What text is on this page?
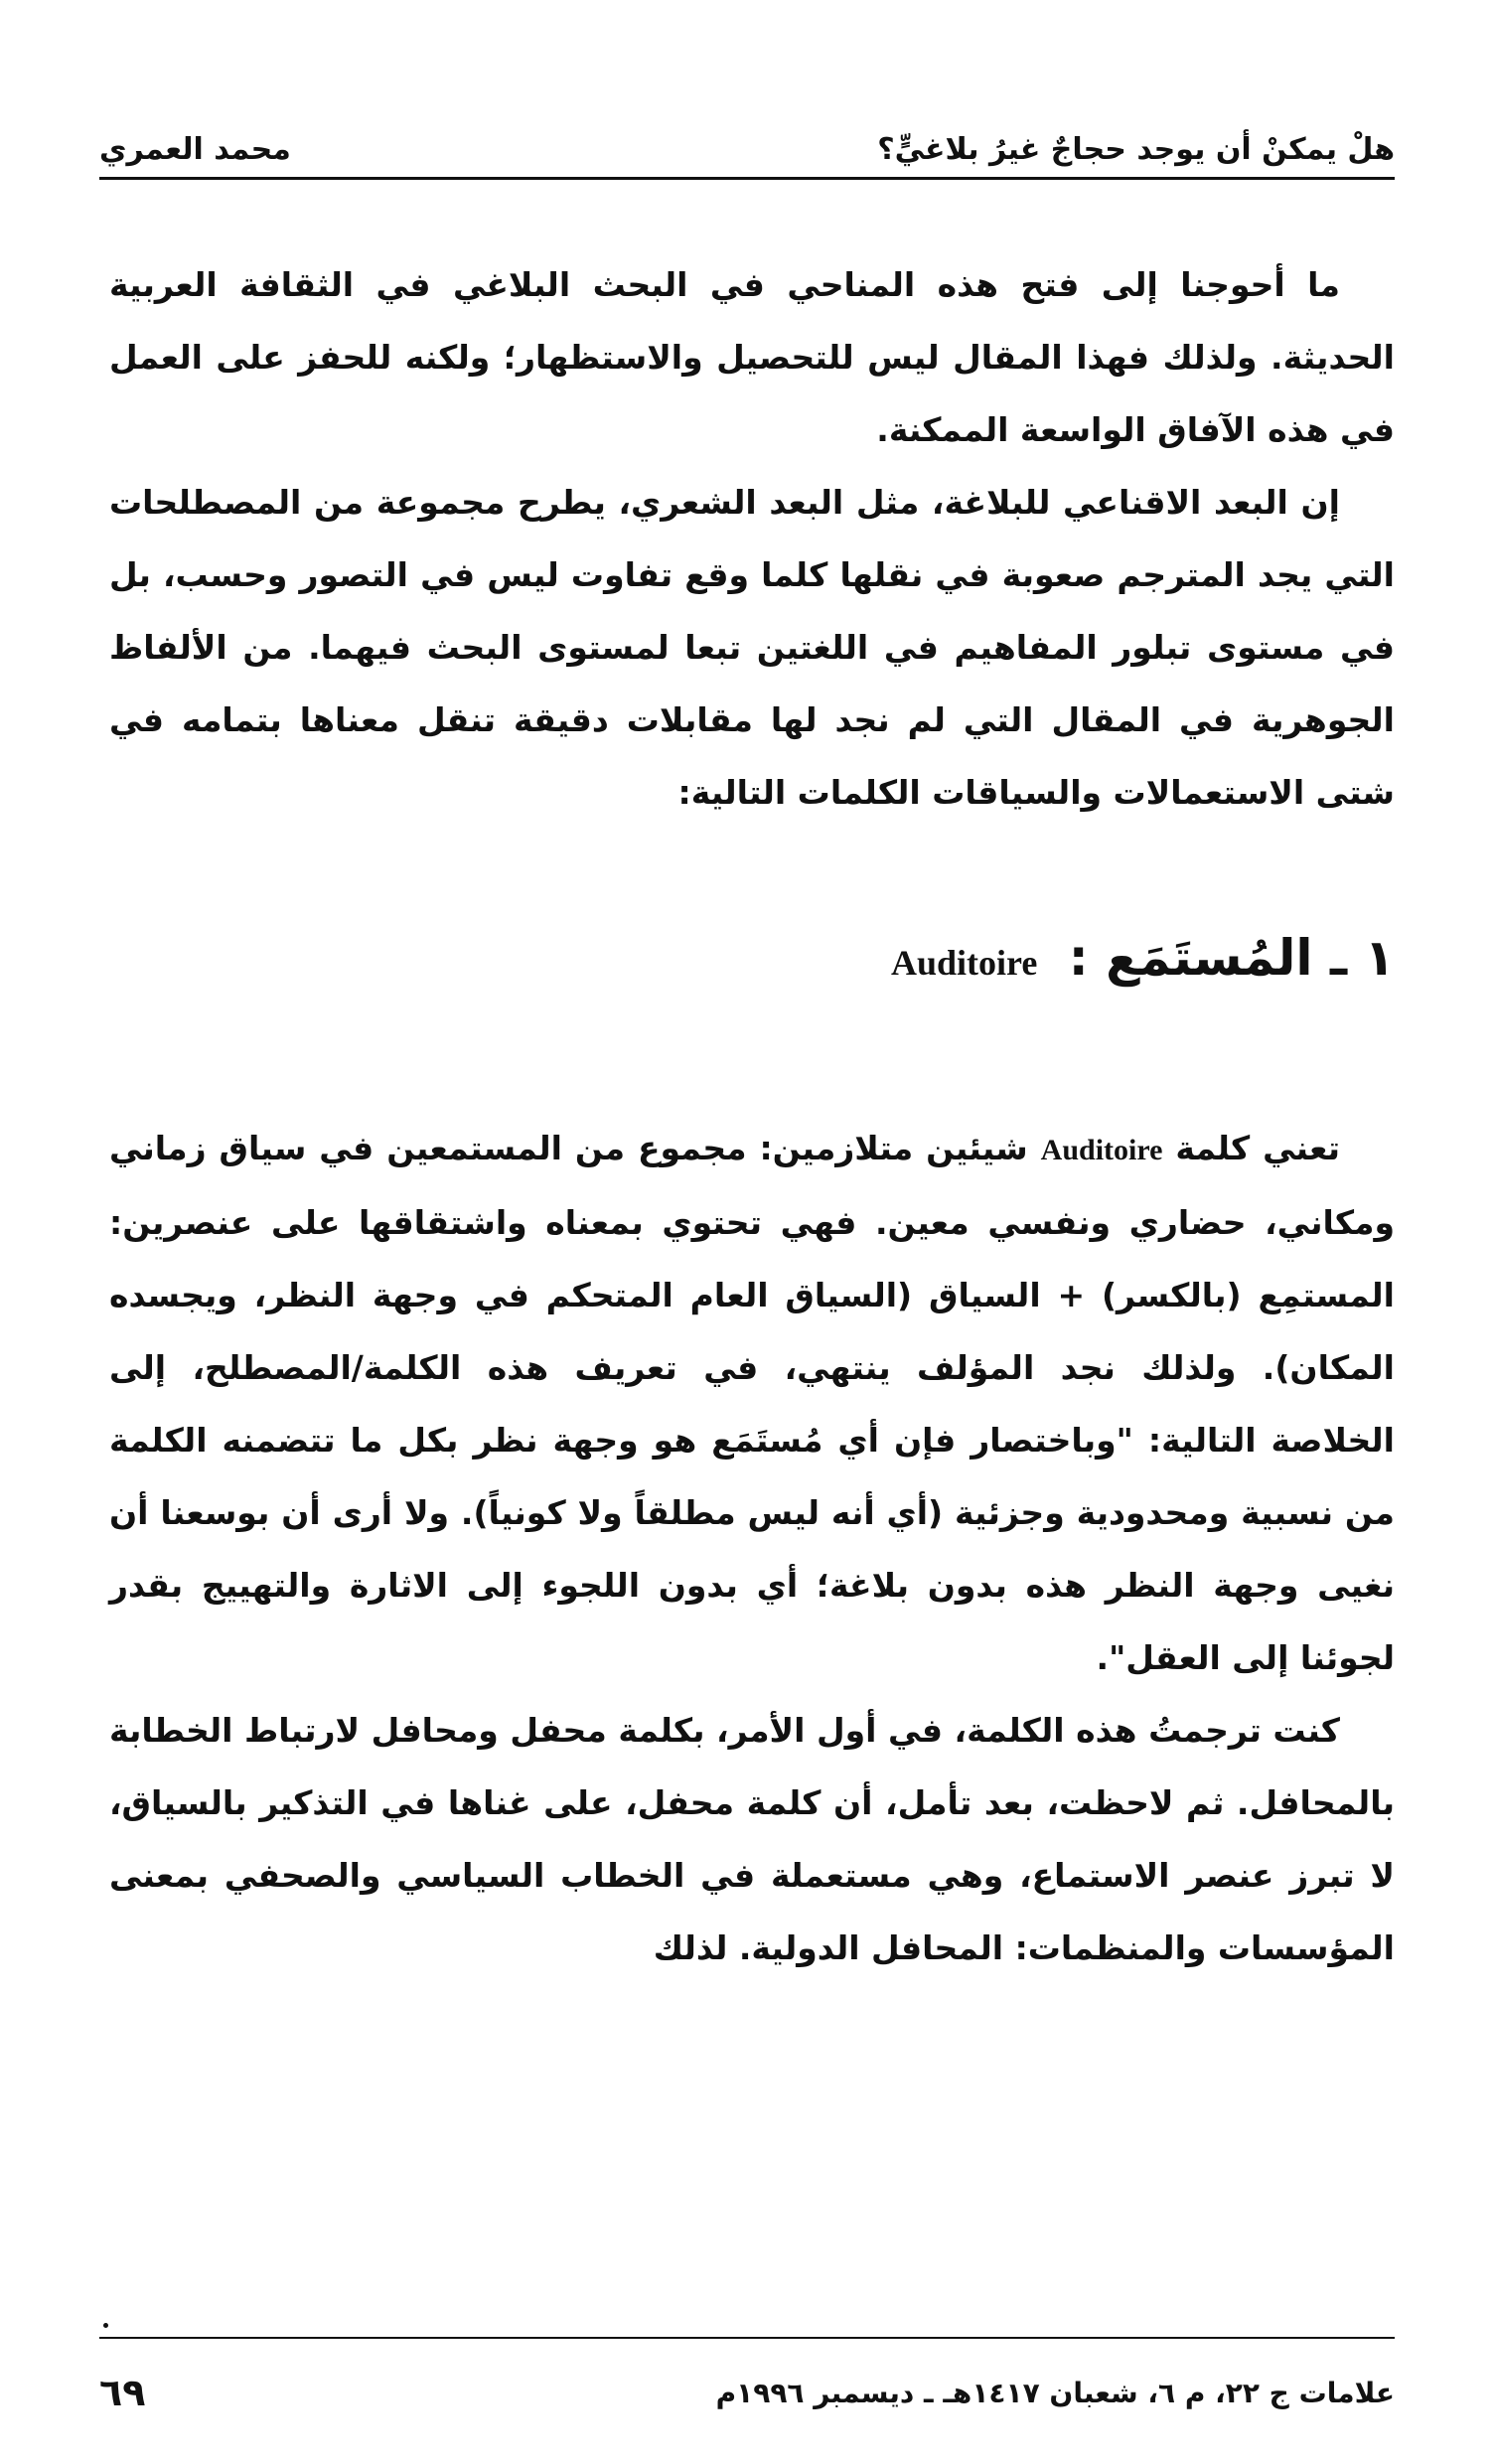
هلْ يمكنْ أن يوجد حجاجٌ غيرُ بلاغيٍّ؟
محمد العمري

ما أحوجنا إلى فتح هذه المناحي في البحث البلاغي في الثقافة العربية الحديثة. ولذلك فهذا المقال ليس للتحصيل والاستظهار؛ ولكنه للحفز على العمل في هذه الآفاق الواسعة الممكنة.

إن البعد الاقناعي للبلاغة، مثل البعد الشعري، يطرح مجموعة من المصطلحات التي يجد المترجم صعوبة في نقلها كلما وقع تفاوت ليس في التصور وحسب، بل في مستوى تبلور المفاهيم في اللغتين تبعا لمستوى البحث فيهما. من الألفاظ الجوهرية في المقال التي لم نجد لها مقابلات دقيقة تنقل معناها بتمامه في شتى الاستعمالات والسياقات الكلمات التالية:

١ ـ المُستَمَع : Auditoire

تعني كلمة Auditoire شيئين متلازمين: مجموع من المستمعين في سياق زماني ومكاني، حضاري ونفسي معين. فهي تحتوي بمعناه واشتقاقها على عنصرين: المستمِع (بالكسر) + السياق (السياق العام المتحكم في وجهة النظر، ويجسده المكان). ولذلك نجد المؤلف ينتهي، في تعريف هذه الكلمة/المصطلح، إلى الخلاصة التالية: "وباختصار فإن أي مُستَمَع هو وجهة نظر بكل ما تتضمنه الكلمة من نسبية ومحدودية وجزئية (أي أنه ليس مطلقاً ولا كونياً). ولا أرى أن بوسعنا أن نغيى وجهة النظر هذه بدون بلاغة؛ أي بدون اللجوء إلى الاثارة والتهييج بقدر لجوئنا إلى العقل".

كنت ترجمتُ هذه الكلمة، في أول الأمر، بكلمة محفل ومحافل لارتباط الخطابة بالمحافل. ثم لاحظت، بعد تأمل، أن كلمة محفل، على غناها في التذكير بالسياق، لا تبرز عنصر الاستماع، وهي مستعملة في الخطاب السياسي والصحفي بمعنى المؤسسات والمنظمات: المحافل الدولية. لذلك

علامات ج ٢٢، م ٦، شعبان ١٤١٧هـ ـ ديسمبر ١٩٩٦م
٦٩
